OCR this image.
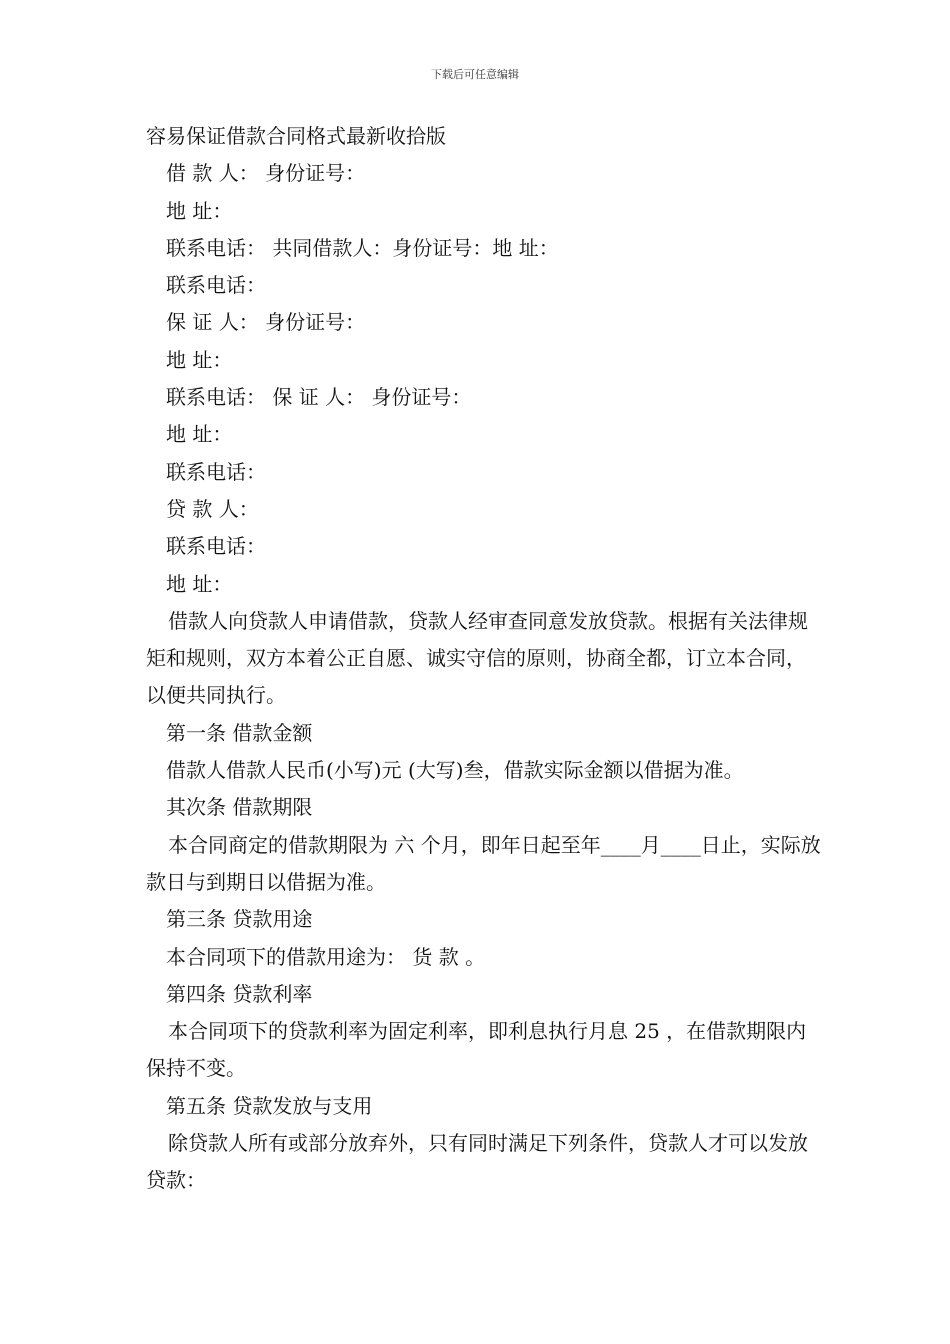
下载后可任意编辑
容易保证借款合同格式最新收拾版
借 款 人： 身份证号：
地 址：
联系电话： 共同借款人：身份证号：地 址：
联系电话：
保 证 人： 身份证号：
地 址：
联系电话： 保 证 人： 身份证号：
地 址：
联系电话：
贷 款 人：
联系电话：
地 址：
借款人向贷款人申请借款，贷款人经审查同意发放贷款。根据有关法律规矩和规则，双方本着公正自愿、诚实守信的原则，协商全都，订立本合同，以便共同执行。
第一条 借款金额
借款人借款人民币(小写)元 (大写)叁，借款实际金额以借据为准。
其次条 借款期限
本合同商定的借款期限为 六 个月，即年日起至年____月____日止，实际放款日与到期日以借据为准。
第三条 贷款用途
本合同项下的借款用途为： 货 款 。
第四条 贷款利率
本合同项下的贷款利率为固定利率，即利息执行月息 25 ，在借款期限内保持不变。
第五条 贷款发放与支用
除贷款人所有或部分放弃外，只有同时满足下列条件，贷款人才可以发放贷款：
